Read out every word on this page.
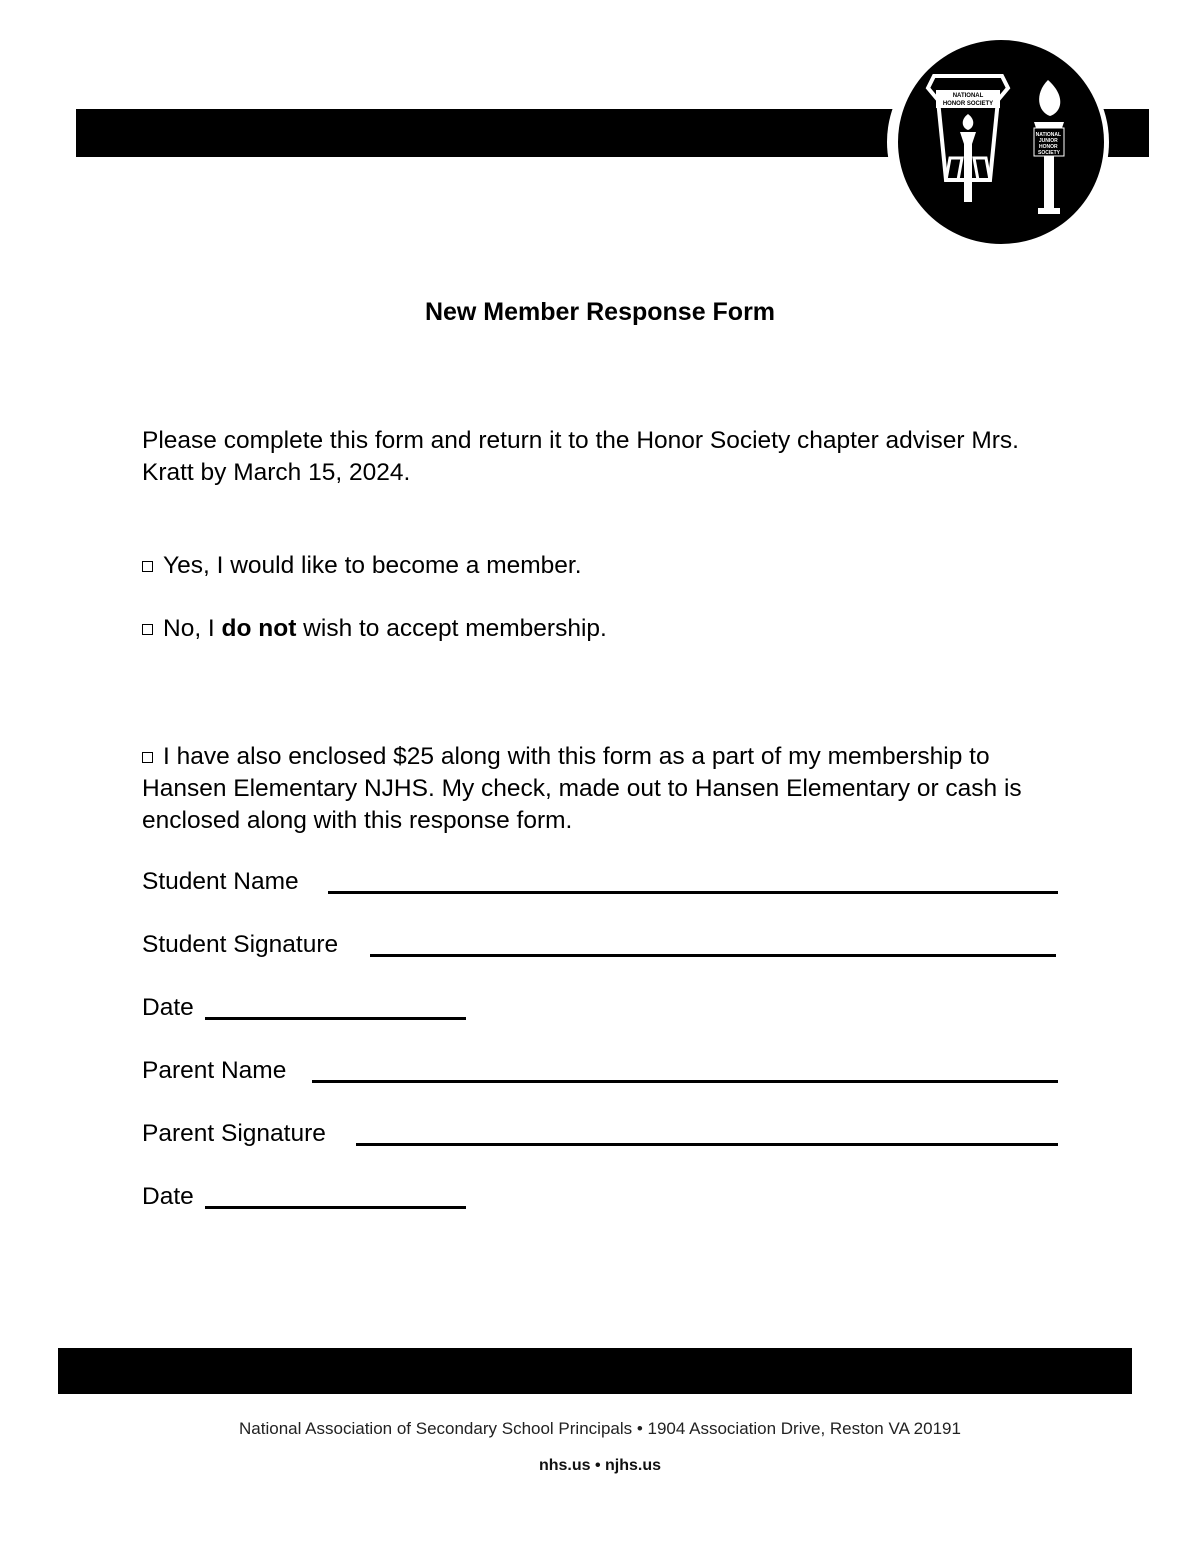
NATIONAL
HONOR SOCIETY
NATIONAL JUNIOR HONOR SOCIETY
New Member Response Form

Please complete this form and return it to the Honor Society chapter adviser Mrs. Kratt by March 15, 2024.

Yes, I would like to become a member.
No, I do not wish to accept membership.

I have also enclosed $25 along with this form as a part of my membership to Hansen Elementary NJHS. My check, made out to Hansen Elementary or cash is enclosed along with this response form.

Student Name
Student Signature
Date
Parent Name
Parent Signature
Date
National Association of Secondary School Principals • 1904 Association Drive, Reston VA 20191
nhs.us • njhs.us
